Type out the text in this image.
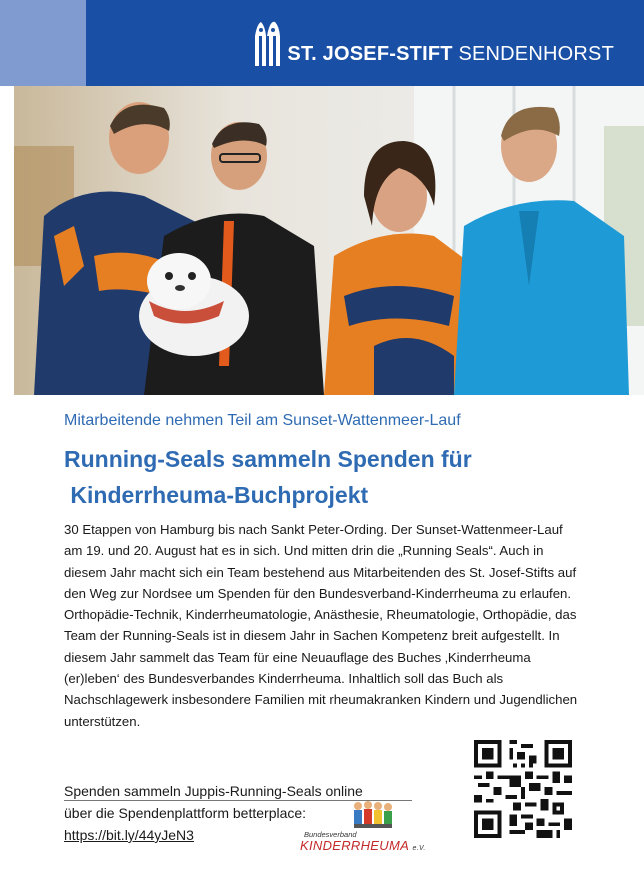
ST. JOSEF-STIFT SENDENHORST
Mitarbeitende nehmen Teil am Sunset-Wattenmeer-Lauf
Running-Seals sammeln Spenden für
Kinderrheuma-Buchprojekt

30 Etappen von Hamburg bis nach Sankt Peter-Ording. Der Sunset-Wattenmeer-Lauf am 19. und 20. August hat es in sich. Und mitten drin die „Running Seals“. Auch in diesem Jahr macht sich ein Team bestehend aus Mitarbeitenden des St. Josef-Stifts auf den Weg zur Nordsee um Spenden für den Bundesverband-Kinderrheuma zu erlaufen.

Orthopädie-Technik, Kinderrheumatologie, Anästhesie, Rheumatologie, Orthopädie, das Team der Running-Seals ist in diesem Jahr in Sachen Kompetenz breit aufgestellt. In diesem Jahr sammelt das Team für eine Neuauflage des Buches ‚Kinderrheuma (er)leben‘ des Bundesverbandes Kinderrheuma. Inhaltlich soll das Buch als Nachschlagewerk insbesondere Familien mit rheumakranken Kindern und Jugendlichen unterstützen.

Spenden sammeln Juppis-Running-Seals online
über die Spendenplattform betterplace:
https://bit.ly/44yJeN3	Bundesverband
KINDERRHEUMA e.V.
